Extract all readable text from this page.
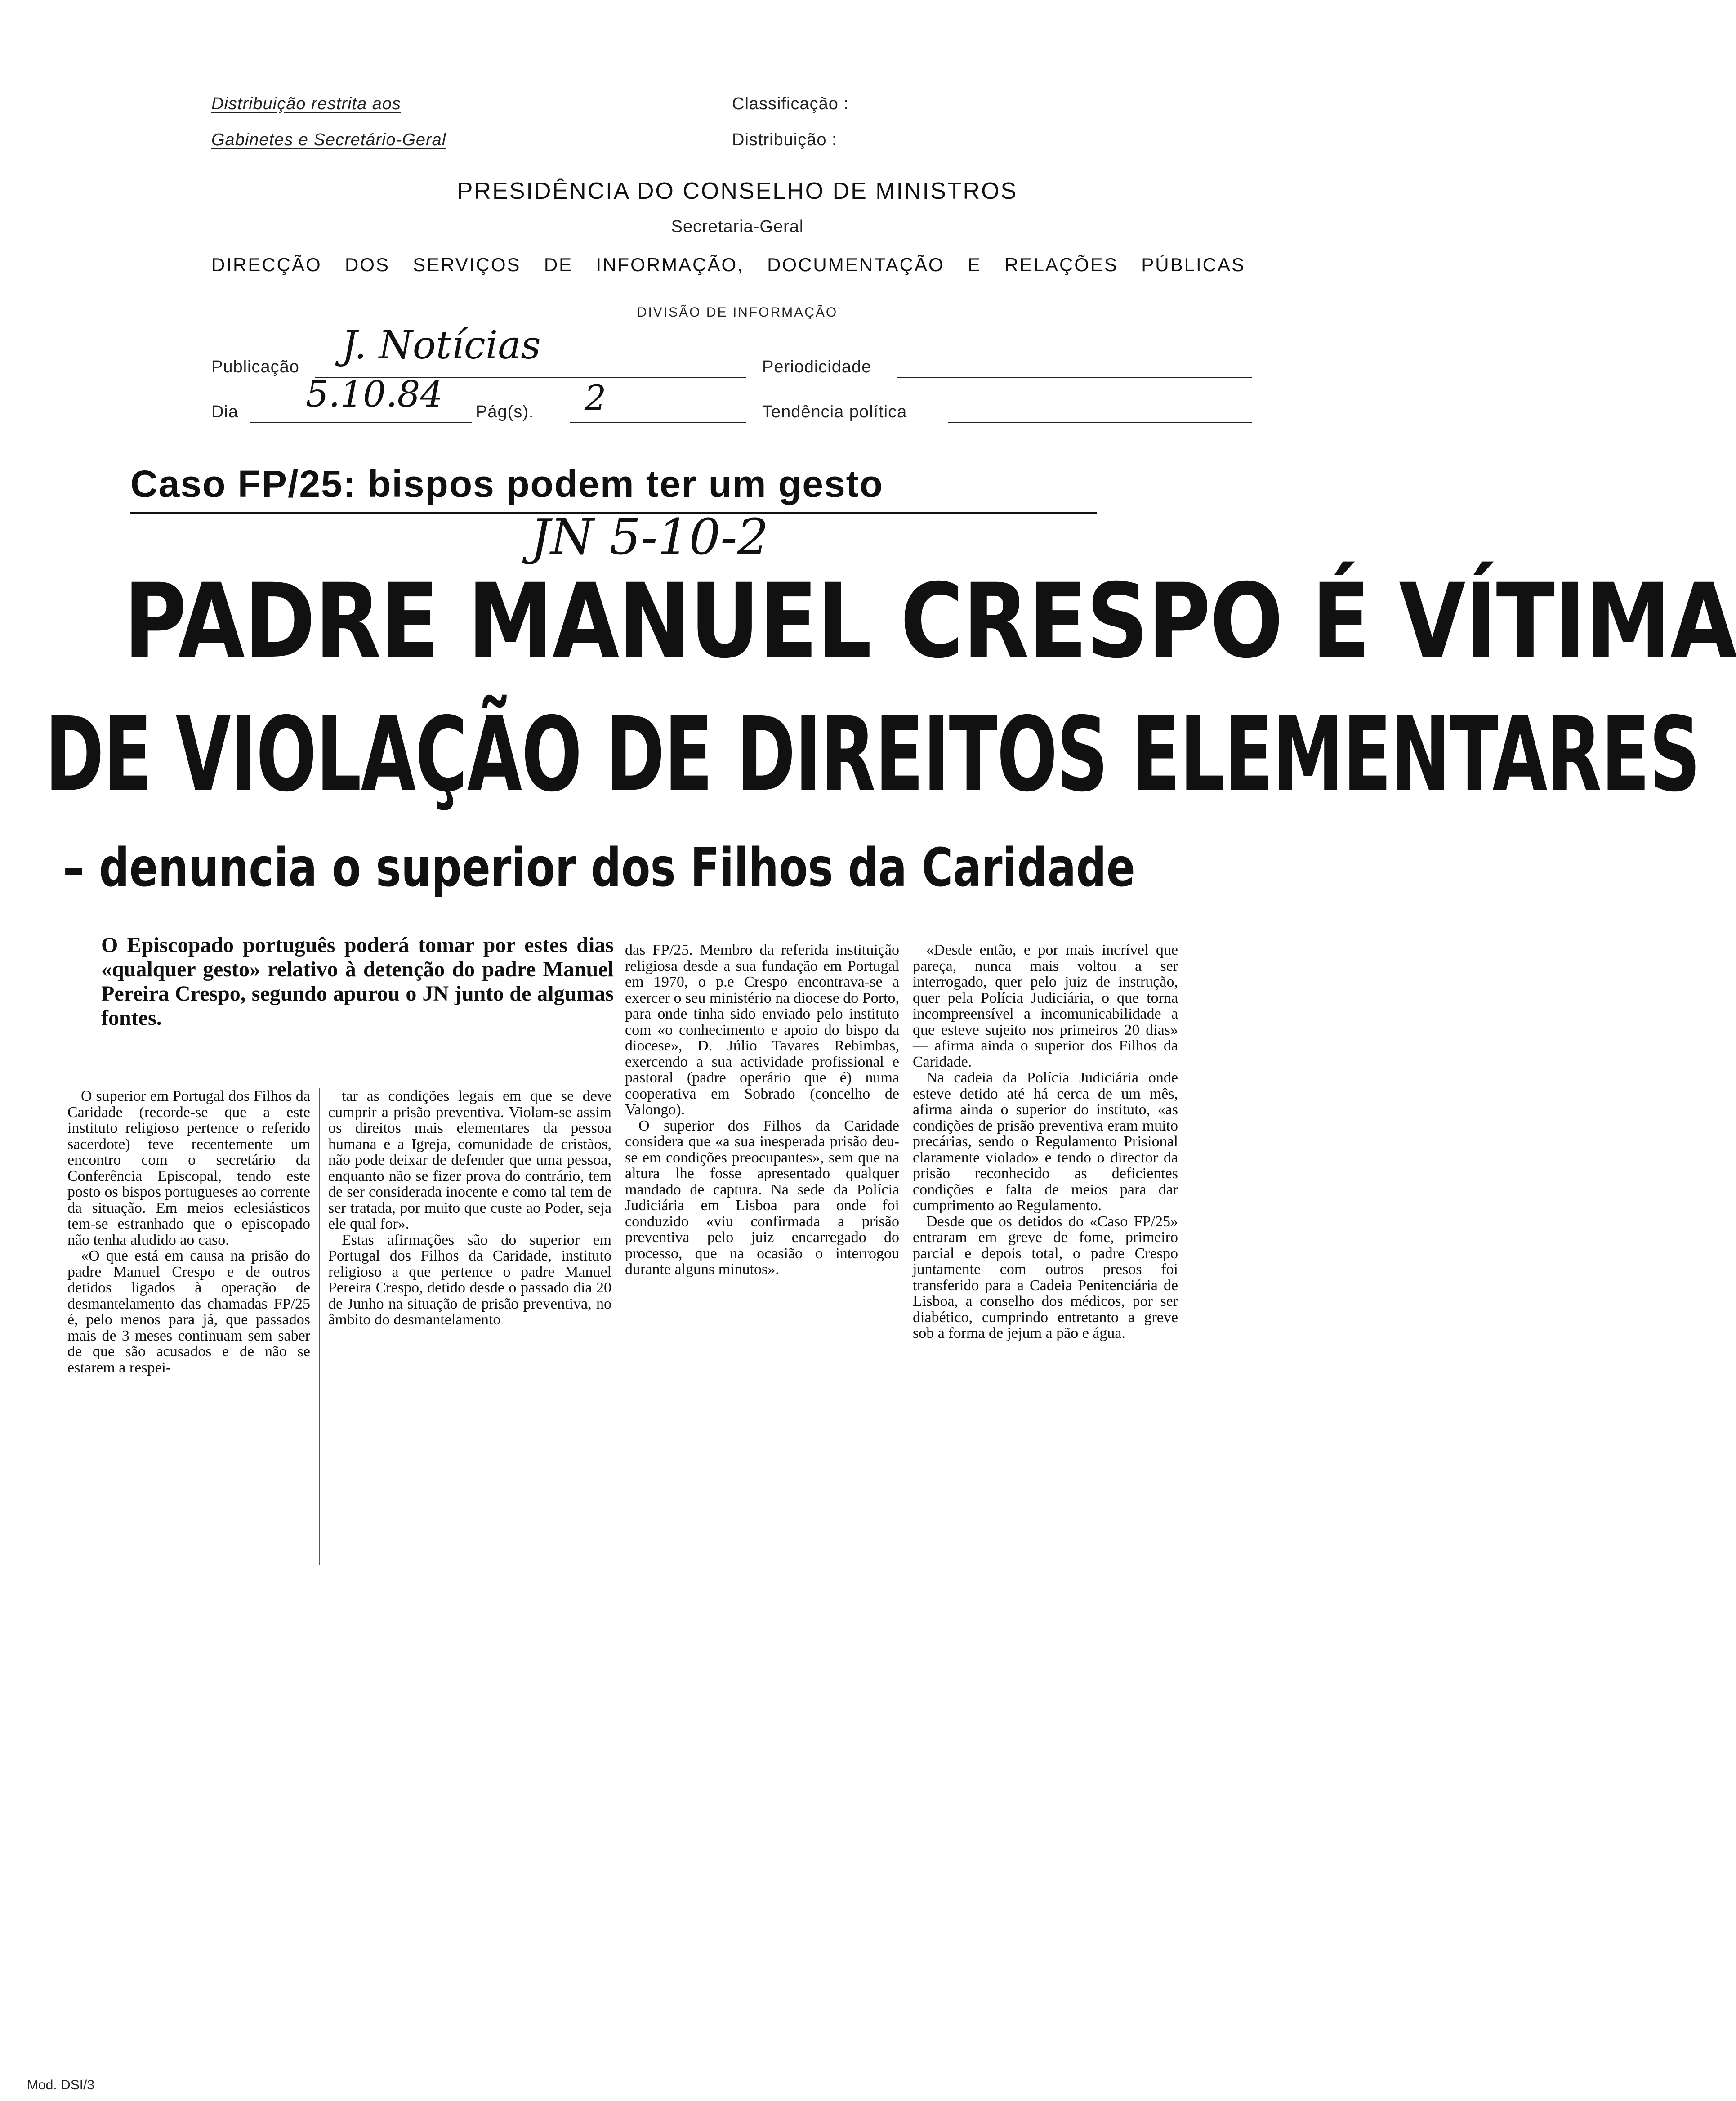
Distribuição restrita aos
Gabinetes e Secretário-Geral
Classificação :
Distribuição :
PRESIDÊNCIA DO CONSELHO DE MINISTROS
Secretaria-Geral
DIRECÇÃO DOS SERVIÇOS DE INFORMAÇÃO, DOCUMENTAÇÃO E RELAÇÕES PÚBLICAS
DIVISÃO DE INFORMAÇÃO
Publicação J. Notícias	Periodicidade
Dia 5.10.84 Pág(s). 2	Tendência política
Caso FP/25: bispos podem ter um gesto
JN 5-10-2
PADRE MANUEL CRESPO É VÍTIMA
DE VIOLAÇÃO DE DIREITOS ELEMENTARES
– denuncia o superior dos Filhos da Caridade
O Episcopado português poderá tomar por estes dias «qualquer gesto» relativo à detenção do padre Manuel Pereira Crespo, segundo apurou o JN junto de algumas fontes.

O superior em Portugal dos Filhos da Caridade (recorde-se que a este instituto religioso pertence o referido sacerdote) teve recentemente um encontro com o secretário da Conferência Episcopal, tendo este posto os bispos portugueses ao corrente da situação. Em meios eclesiásticos tem-se estranhado que o episcopado não tenha aludido ao caso.

«O que está em causa na prisão do padre Manuel Crespo e de outros detidos ligados à operação de desmantelamento das chamadas FP/25 é, pelo menos para já, que passados mais de 3 meses continuam sem saber de que são acusados e de não se estarem a respei-

tar as condições legais em que se deve cumprir a prisão preventiva. Violam-se assim os direitos mais elementares da pessoa humana e a Igreja, comunidade de cristãos, não pode deixar de defender que uma pessoa, enquanto não se fizer prova do contrário, tem de ser considerada inocente e como tal tem de ser tratada, por muito que custe ao Poder, seja ele qual for».

Estas afirmações são do superior em Portugal dos Filhos da Caridade, instituto religioso a que pertence o padre Manuel Pereira Crespo, detido desde o passado dia 20 de Junho na situação de prisão preventiva, no âmbito do desmantelamento

das FP/25. Membro da referida instituição religiosa desde a sua fundação em Portugal em 1970, o p.e Crespo encontrava-se a exercer o seu ministério na diocese do Porto, para onde tinha sido enviado pelo instituto com «o conhecimento e apoio do bispo da diocese», D. Júlio Tavares Rebimbas, exercendo a sua actividade profissional e pastoral (padre operário que é) numa cooperativa em Sobrado (concelho de Valongo).

O superior dos Filhos da Caridade considera que «a sua inesperada prisão deu-se em condições preocupantes», sem que na altura lhe fosse apresentado qualquer mandado de captura. Na sede da Polícia Judiciária em Lisboa para onde foi conduzido «viu confirmada a prisão preventiva pelo juiz encarregado do processo, que na ocasião o interrogou durante alguns minutos».

«Desde então, e por mais incrível que pareça, nunca mais voltou a ser interrogado, quer pelo juiz de instrução, quer pela Polícia Judiciária, o que torna incompreensível a incomunicabilidade a que esteve sujeito nos primeiros 20 dias» — afirma ainda o superior dos Filhos da Caridade.

Na cadeia da Polícia Judiciária onde esteve detido até há cerca de um mês, afirma ainda o superior do instituto, «as condições de prisão preventiva eram muito precárias, sendo o Regulamento Prisional claramente violado» e tendo o director da prisão reconhecido as deficientes condições e falta de meios para dar cumprimento ao Regulamento.

Desde que os detidos do «Caso FP/25» entraram em greve de fome, primeiro parcial e depois total, o padre Crespo juntamente com outros presos foi transferido para a Cadeia Penitenciária de Lisboa, a conselho dos médicos, por ser diabético, cumprindo entretanto a greve sob a forma de jejum a pão e água.

Mod. DSI/3
